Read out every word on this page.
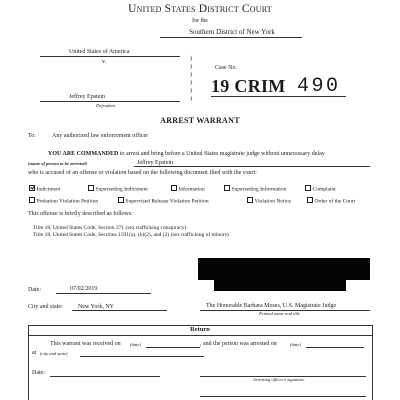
United States District Court
for the
Southern District of New York
United States of America
v.
Jeffrey Epstein
Defendant
)
)
)
)
)
)
Case No.
19 CRIM 490
ARREST WARRANT
To:	Any authorized law enforcement officer
YOU ARE COMMANDED to arrest and bring before a United States magistrate judge without unnecessary delay
(name of person to be arrested)	Jeffrey Epstein
who is accused of an offense or violation based on the following document filed with the court:
Indictment	Superseding Indictment	Information	Superseding Information	Complaint
Probation Violation Petition	Supervised Release Violation Petition	Violation Notice	Order of the Court
This offense is briefly described as follows:
Title 18, United States Code, Section 371 (sex trafficking conspiracy)
Title 18, United States Code, Sections 1591(a), (b)(2), and (2) (sex trafficking of minors)
Date:	07/02/2019
City and state:	New York, NY	The Honorable Barbara Moses, U.S. Magistrate Judge
Printed name and title
Return
This warrant was received on (date)	, and the person was arrested on	(date)
at (city and state)
Date:
Arresting officer's signature
